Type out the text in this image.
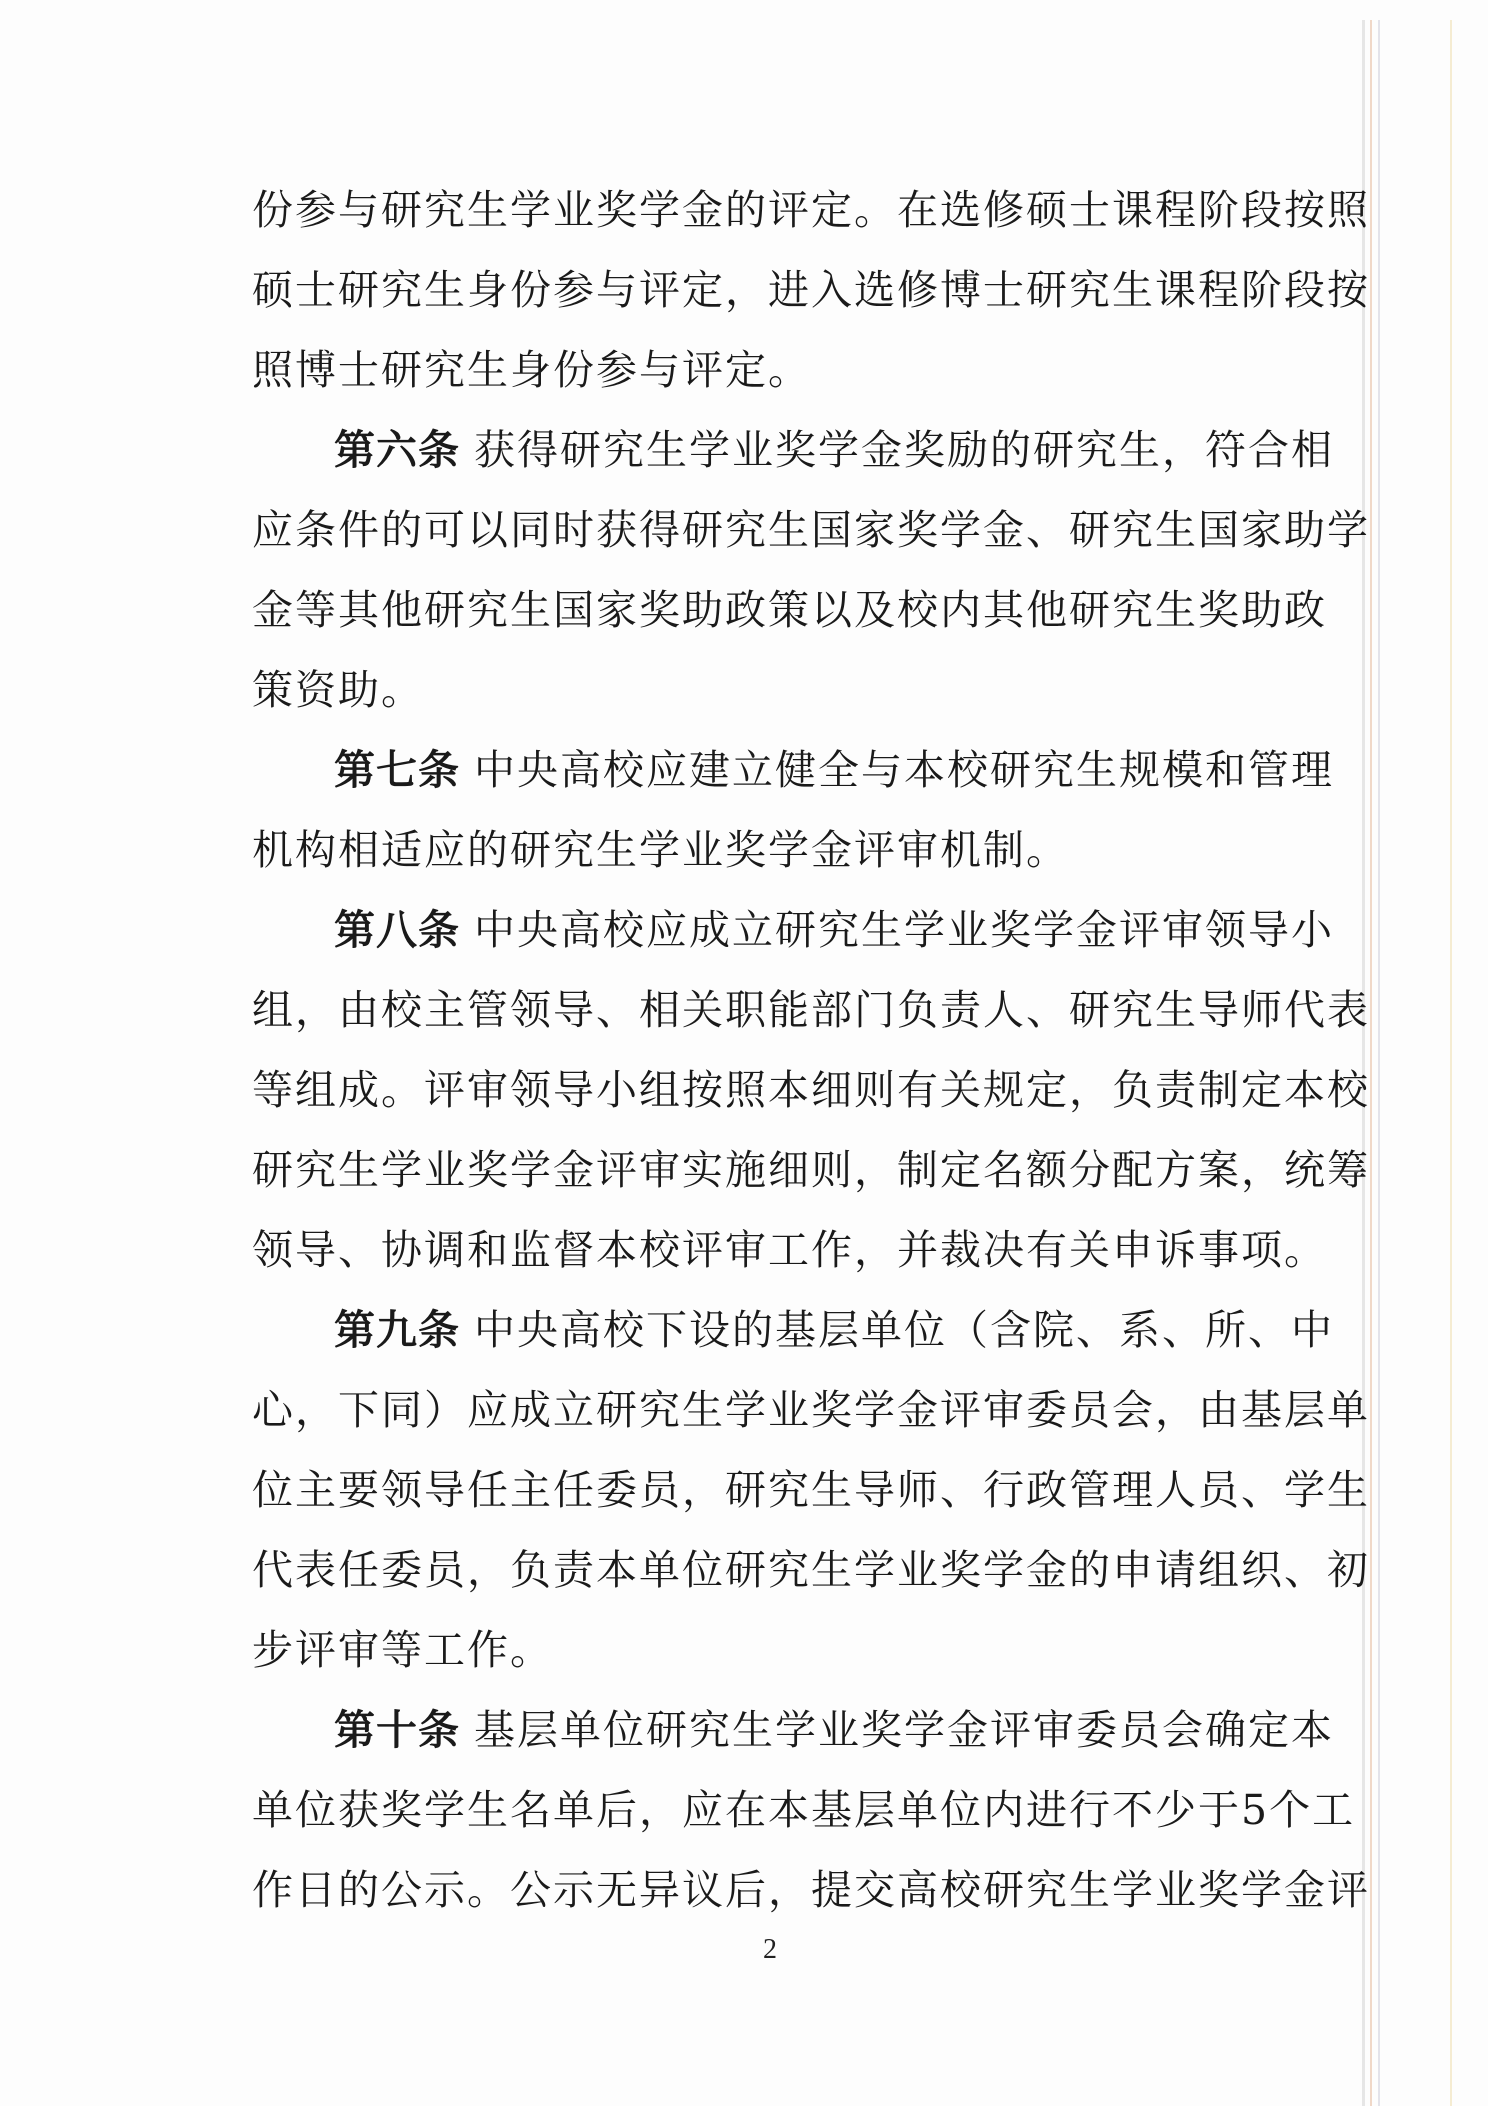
份参与研究生学业奖学金的评定。在选修硕士课程阶段按照
硕士研究生身份参与评定，进入选修博士研究生课程阶段按
照博士研究生身份参与评定。
第六条 获得研究生学业奖学金奖励的研究生，符合相
应条件的可以同时获得研究生国家奖学金、研究生国家助学
金等其他研究生国家奖助政策以及校内其他研究生奖助政
策资助。
第七条 中央高校应建立健全与本校研究生规模和管理
机构相适应的研究生学业奖学金评审机制。
第八条 中央高校应成立研究生学业奖学金评审领导小
组，由校主管领导、相关职能部门负责人、研究生导师代表
等组成。评审领导小组按照本细则有关规定，负责制定本校
研究生学业奖学金评审实施细则，制定名额分配方案，统筹
领导、协调和监督本校评审工作，并裁决有关申诉事项。
第九条 中央高校下设的基层单位（含院、系、所、中
心，下同）应成立研究生学业奖学金评审委员会，由基层单
位主要领导任主任委员，研究生导师、行政管理人员、学生
代表任委员，负责本单位研究生学业奖学金的申请组织、初
步评审等工作。
第十条 基层单位研究生学业奖学金评审委员会确定本
单位获奖学生名单后，应在本基层单位内进行不少于5个工
作日的公示。公示无异议后，提交高校研究生学业奖学金评
2
